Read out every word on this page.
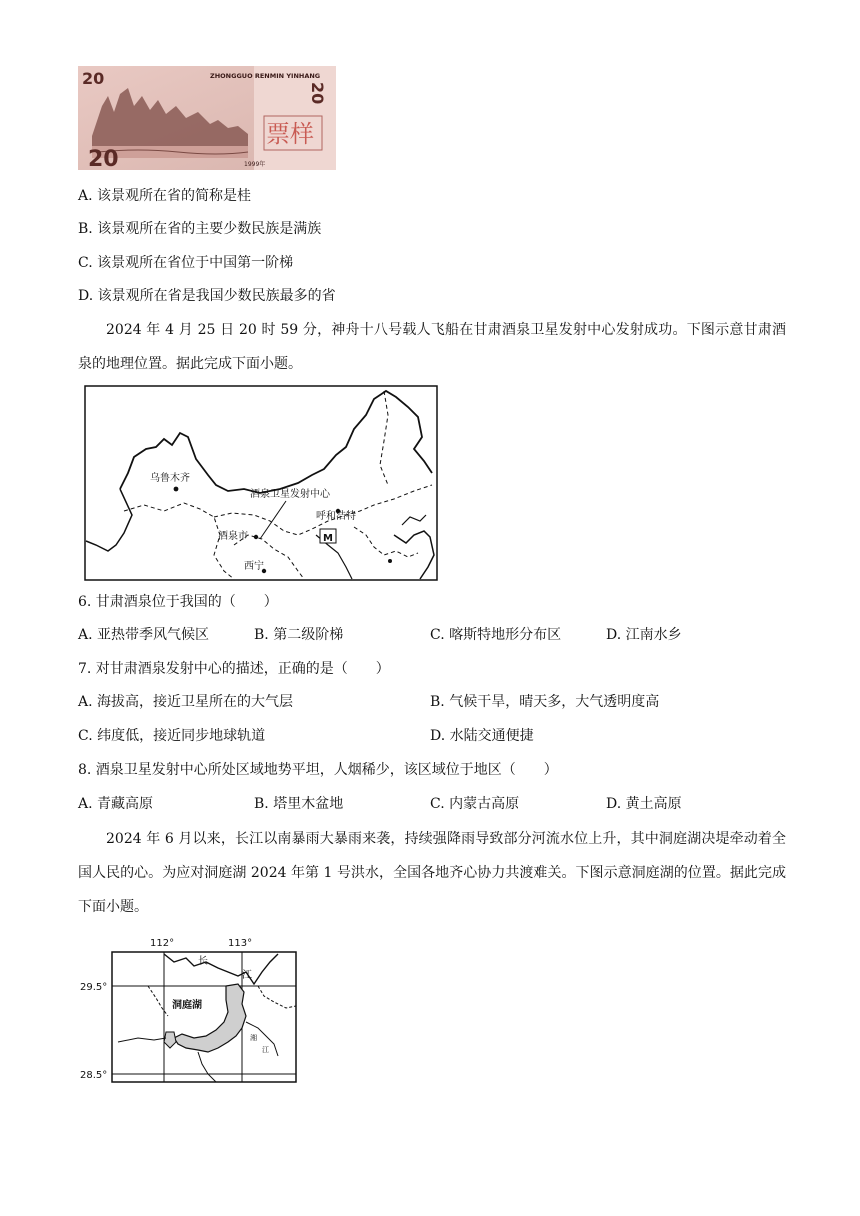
20
20
ZHONGGUO RENMIN YINHANG
票样
1999年
20
A. 该景观所在省的简称是桂
B. 该景观所在省的主要少数民族是满族
C. 该景观所在省位于中国第一阶梯
D. 该景观所在省是我国少数民族最多的省
2024 年 4 月 25 日 20 时 59 分，神舟十八号载人飞船在甘肃酒泉卫星发射中心发射成功。下图示意甘肃酒泉的地理位置。据此完成下面小题。
乌鲁木齐
酒泉卫星发射中心
呼和浩特
酒泉市	M
西宁
6. 甘肃酒泉位于我国的（　　）
A. 亚热带季风气候区	B. 第二级阶梯	C. 喀斯特地形分布区	D. 江南水乡
7. 对甘肃酒泉发射中心的描述，正确的是（　　）
A. 海拔高，接近卫星所在的大气层	B. 气候干旱，晴天多，大气透明度高
C. 纬度低，接近同步地球轨道	D. 水陆交通便捷
8. 酒泉卫星发射中心所处区域地势平坦，人烟稀少，该区域位于地区（　　）
A. 青藏高原	B. 塔里木盆地	C. 内蒙古高原	D. 黄土高原
2024 年 6 月以来，长江以南暴雨大暴雨来袭，持续强降雨导致部分河流水位上升，其中洞庭湖决堤牵动着全国人民的心。为应对洞庭湖 2024 年第 1 号洪水，全国各地齐心协力共渡难关。下图示意洞庭湖的位置。据此完成下面小题。
112°	113°
29.5°
28.5°
长
江
洞庭湖
湘
江
